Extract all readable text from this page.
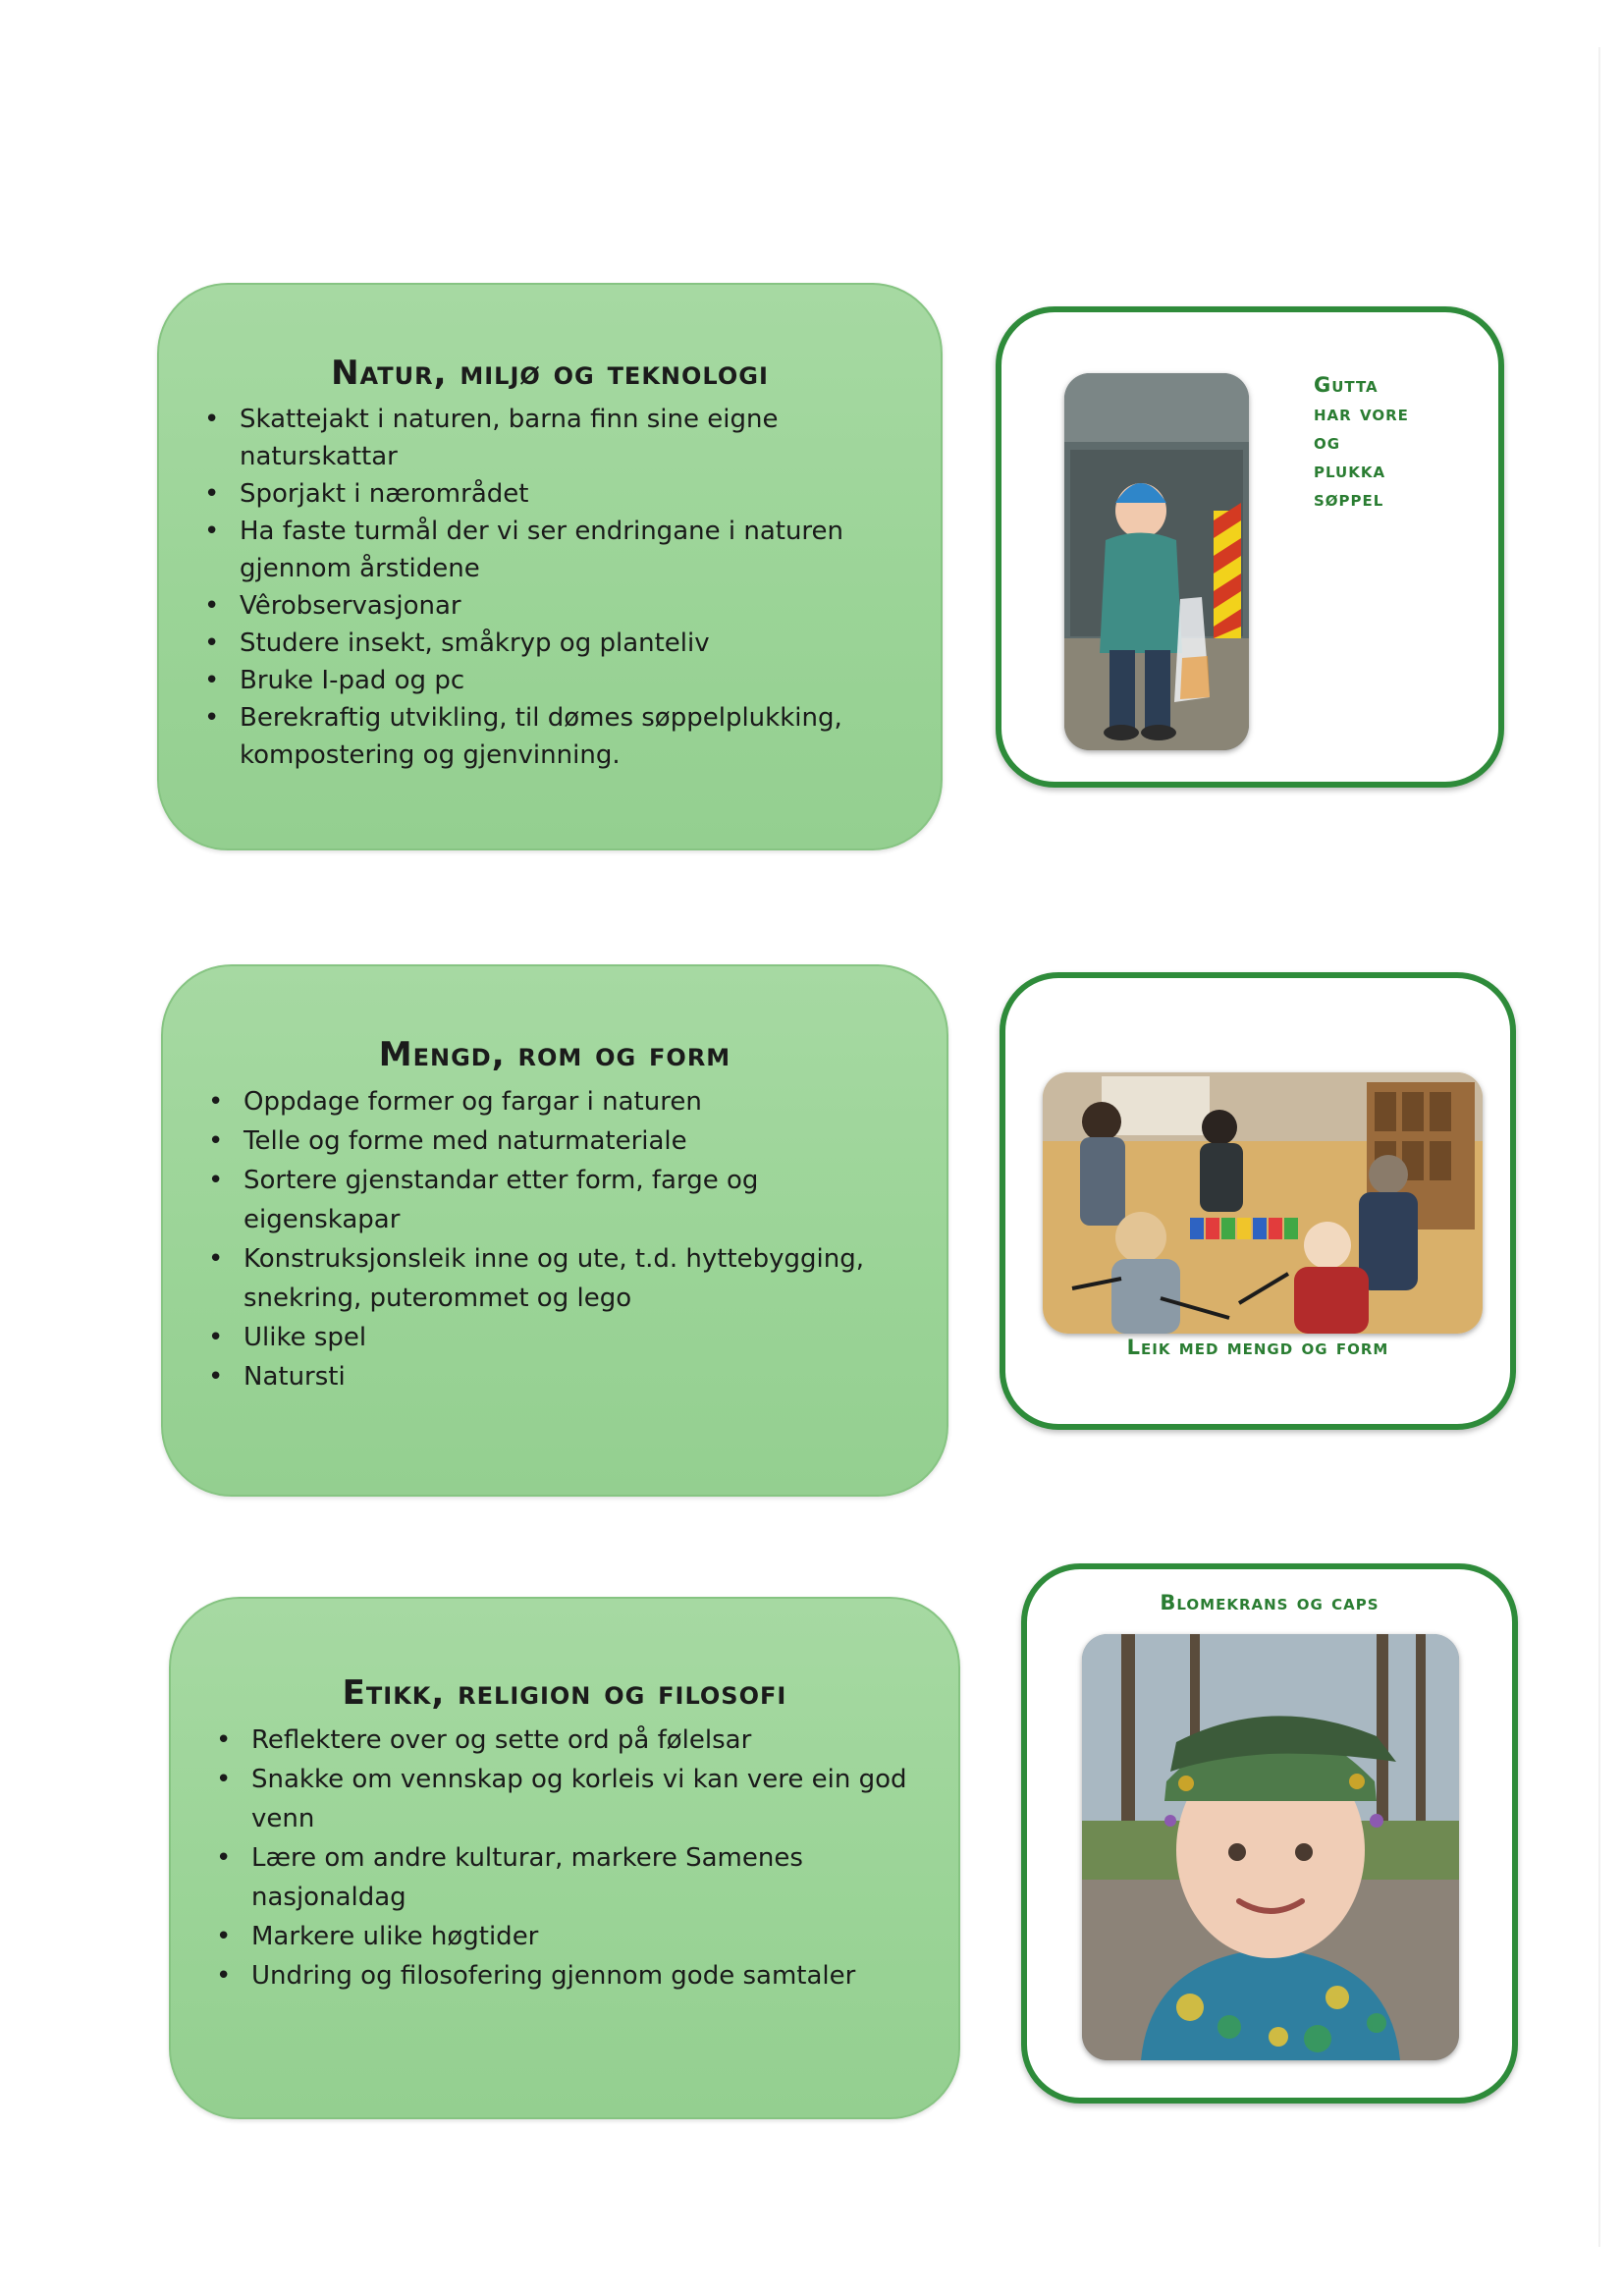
Natur, miljø og teknologi
• Skattejakt i naturen, barna finn sine eigne naturskattar
• Sporjakt i nærområdet
• Ha faste turmål der vi ser endringane i naturen gjennom årstidene
• Vêrobservasjonar
• Studere insekt, småkryp og planteliv
• Bruke I-pad og pc
• Berekraftig utvikling, til dømes søppelplukking, kompostering og gjenvinning.
Gutta
har vore
og
plukka
søppel
Mengd, rom og form
• Oppdage former og fargar i naturen
• Telle og forme med naturmateriale
• Sortere gjenstandar etter form, farge og eigenskapar
• Konstruksjonsleik inne og ute, t.d. hyttebygging, snekring, puterommet og lego
• Ulike spel
• Natursti

Leik med mengd og form

Etikk, religion og filosofi
• Reflektere over og sette ord på følelsar
• Snakke om vennskap og korleis vi kan vere ein god venn
• Lære om andre kulturar, markere Samenes nasjonaldag
• Markere ulike høgtider
• Undring og filosofering gjennom gode samtaler

Blomekrans og caps
